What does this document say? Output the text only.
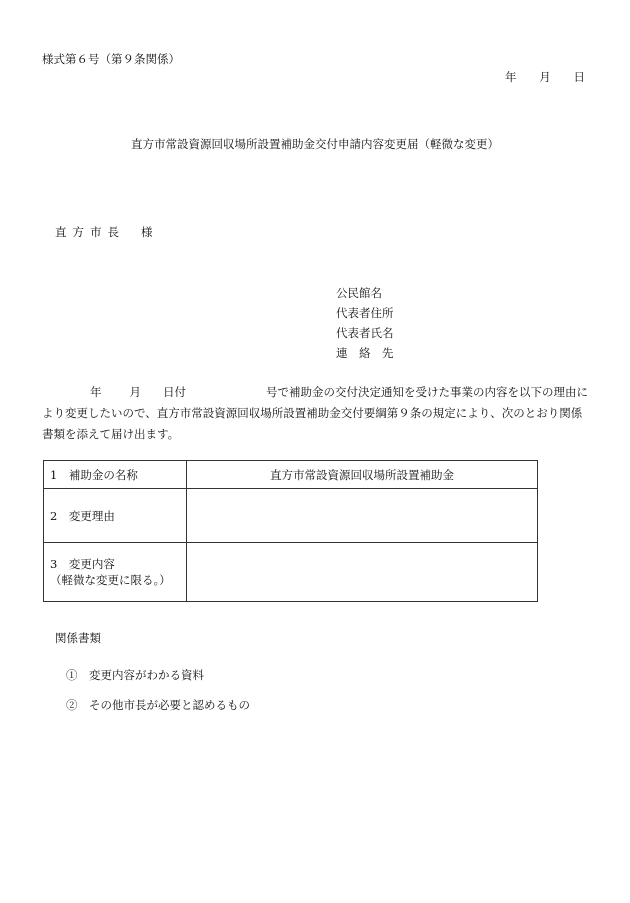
様式第６号（第９条関係）
年 月 日
直方市常設資源回収場所設置補助金交付申請内容変更届（軽微な変更）
直方市長 様
公民館名
代表者住所
代表者氏名
連　絡　先
年 月 日付	号で補助金の交付決定通知を受けた事業の内容を以下の理由により変更したいので、直方市常設資源回収場所設置補助金交付要綱第９条の規定により、次のとおり関係書類を添えて届け出ます。
1　補助金の名称	直方市常設資源回収場所設置補助金
2　変更理由	

3　変更内容
（軽微な変更に限る。）	

関係書類
①　変更内容がわかる資料
②　その他市長が必要と認めるもの
